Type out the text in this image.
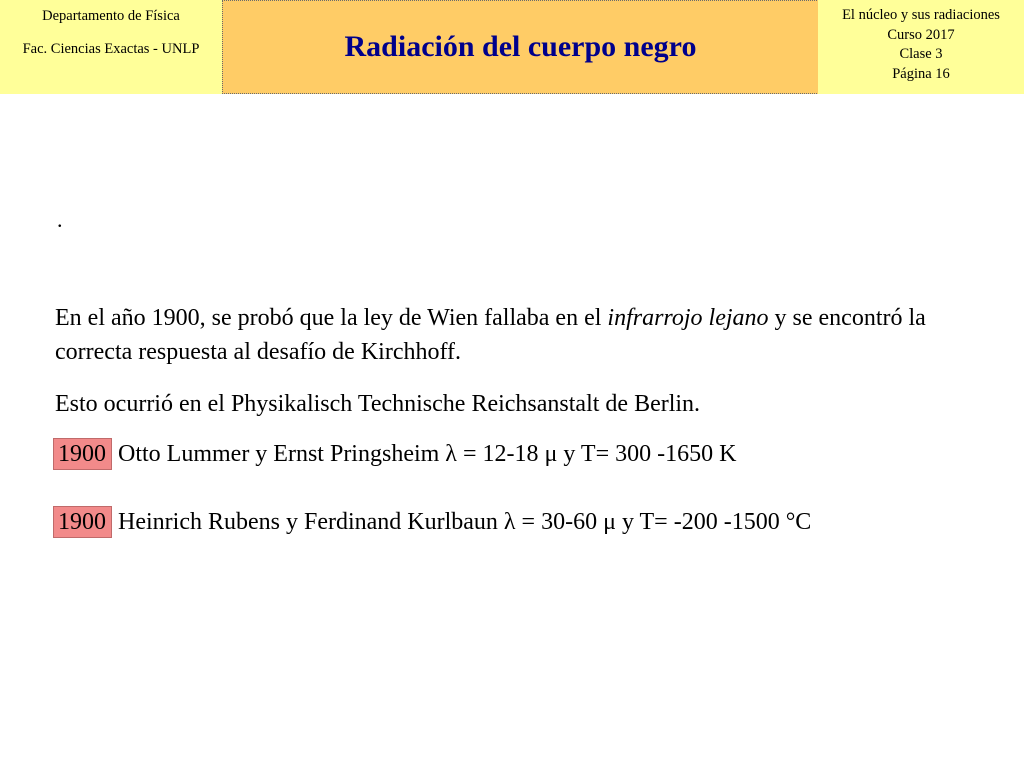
Departamento de Física
Fac. Ciencias Exactas - UNLP	Radiación del cuerpo negro
El núcleo y sus radiaciones
Curso 2017
Clase 3
Página 16
.
En el año 1900, se probó que la ley de Wien fallaba en el infrarrojo lejano y se encontró la correcta respuesta al desafío de Kirchhoff.
Esto ocurrió en el Physikalisch Technische Reichsanstalt de Berlin.
1900 Otto Lummer y Ernst Pringsheim λ = 12-18 μ y T= 300 -1650 K
1900 Heinrich Rubens y Ferdinand Kurlbaun λ = 30-60 μ y T= -200 -1500 °C
